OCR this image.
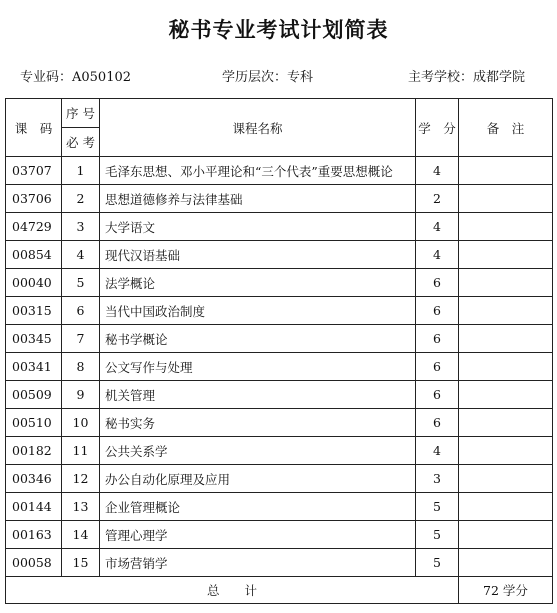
秘书专业考试计划简表
专业码：A050102	学历层次：专科	主考学校：成都学院
课　码	序 号	课程名称	学　分	备　注
	必 考			
03707	1	毛泽东思想、邓小平理论和“三个代表”重要思想概论	4	
03706	2	思想道德修养与法律基础	2	
04729	3	大学语文	4	
00854	4	现代汉语基础	4	
00040	5	法学概论	6	
00315	6	当代中国政治制度	6	
00345	7	秘书学概论	6	
00341	8	公文写作与处理	6	
00509	9	机关管理	6	
00510	10	秘书实务	6	
00182	11	公共关系学	4	
00346	12	办公自动化原理及应用	3	
00144	13	企业管理概论	5	
00163	14	管理心理学	5	
00058	15	市场营销学	5	
总　　计				72 学分
